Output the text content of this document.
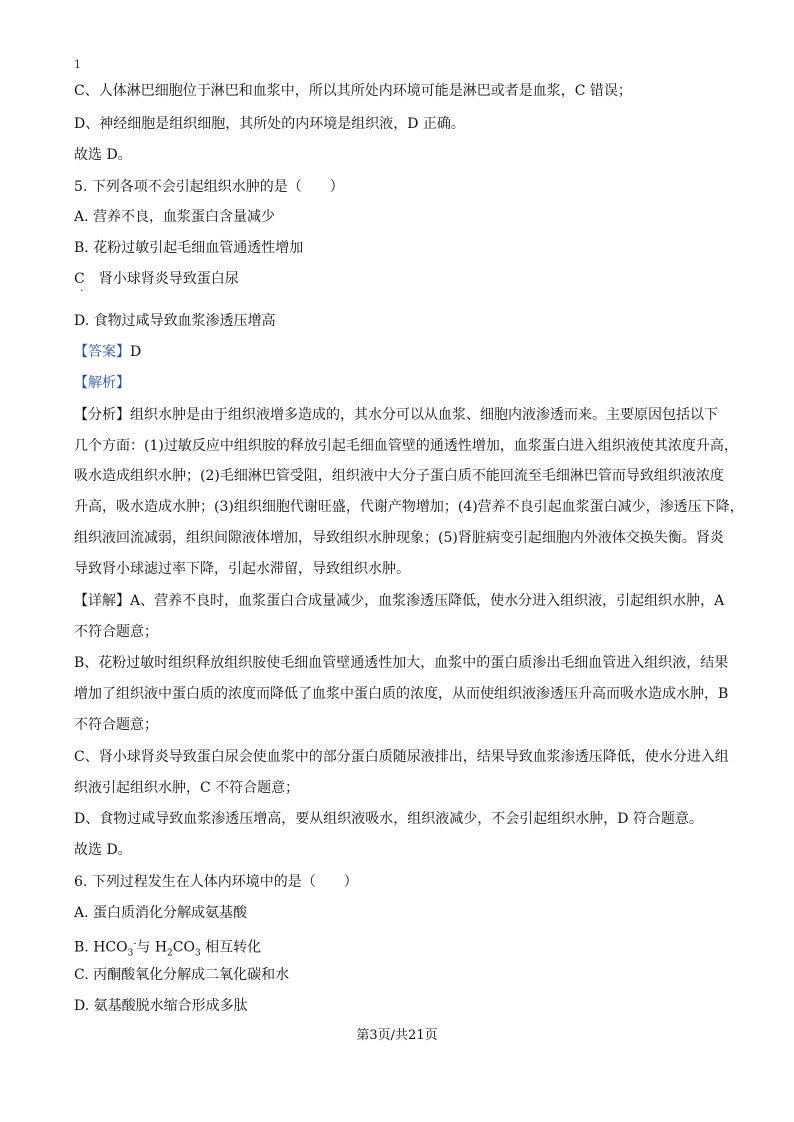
1
C、人体淋巴细胞位于淋巴和血浆中，所以其所处内环境可能是淋巴或者是血浆，C 错误；
D、神经细胞是组织细胞，其所处的内环境是组织液，D 正确。
故选 D。
5. 下列各项不会引起组织水肿的是（　　）
A. 营养不良，血浆蛋白含量减少
B. 花粉过敏引起毛细血管通透性增加
C　肾小球肾炎导致蛋白尿
·
D. 食物过咸导致血浆渗透压增高
【答案】D
【解析】
【分析】组织水肿是由于组织液增多造成的，其水分可以从血浆、细胞内液渗透而来。主要原因包括以下
几个方面：(1)过敏反应中组织胺的释放引起毛细血管壁的通透性增加，血浆蛋白进入组织液使其浓度升高，
吸水造成组织水肿；(2)毛细淋巴管受阻，组织液中大分子蛋白质不能回流至毛细淋巴管而导致组织液浓度
升高，吸水造成水肿；(3)组织细胞代谢旺盛，代谢产物增加；(4)营养不良引起血浆蛋白减少，渗透压下降，
组织液回流减弱，组织间隙液体增加，导致组织水肿现象；(5)肾脏病变引起细胞内外液体交换失衡。肾炎
导致肾小球滤过率下降，引起水滞留，导致组织水肿。
【详解】A、营养不良时，血浆蛋白合成量减少，血浆渗透压降低，使水分进入组织液，引起组织水肿，A
不符合题意；
B、花粉过敏时组织释放组织胺使毛细血管壁通透性加大，血浆中的蛋白质渗出毛细血管进入组织液，结果
增加了组织液中蛋白质的浓度而降低了血浆中蛋白质的浓度，从而使组织液渗透压升高而吸水造成水肿，B
不符合题意；
C、肾小球肾炎导致蛋白尿会使血浆中的部分蛋白质随尿液排出，结果导致血浆渗透压降低，使水分进入组
织液引起组织水肿，C 不符合题意；
D、食物过咸导致血浆渗透压增高，要从组织液吸水，组织液减少，不会引起组织水肿，D 符合题意。
故选 D。
6. 下列过程发生在人体内环境中的是（　　）
A. 蛋白质消化分解成氨基酸
B. $HCO_3^-$与 $H_2CO_3$ 相互转化
C. 丙酮酸氧化分解成二氧化碳和水
D. 氨基酸脱水缩合形成多肽
第3页/共21页
